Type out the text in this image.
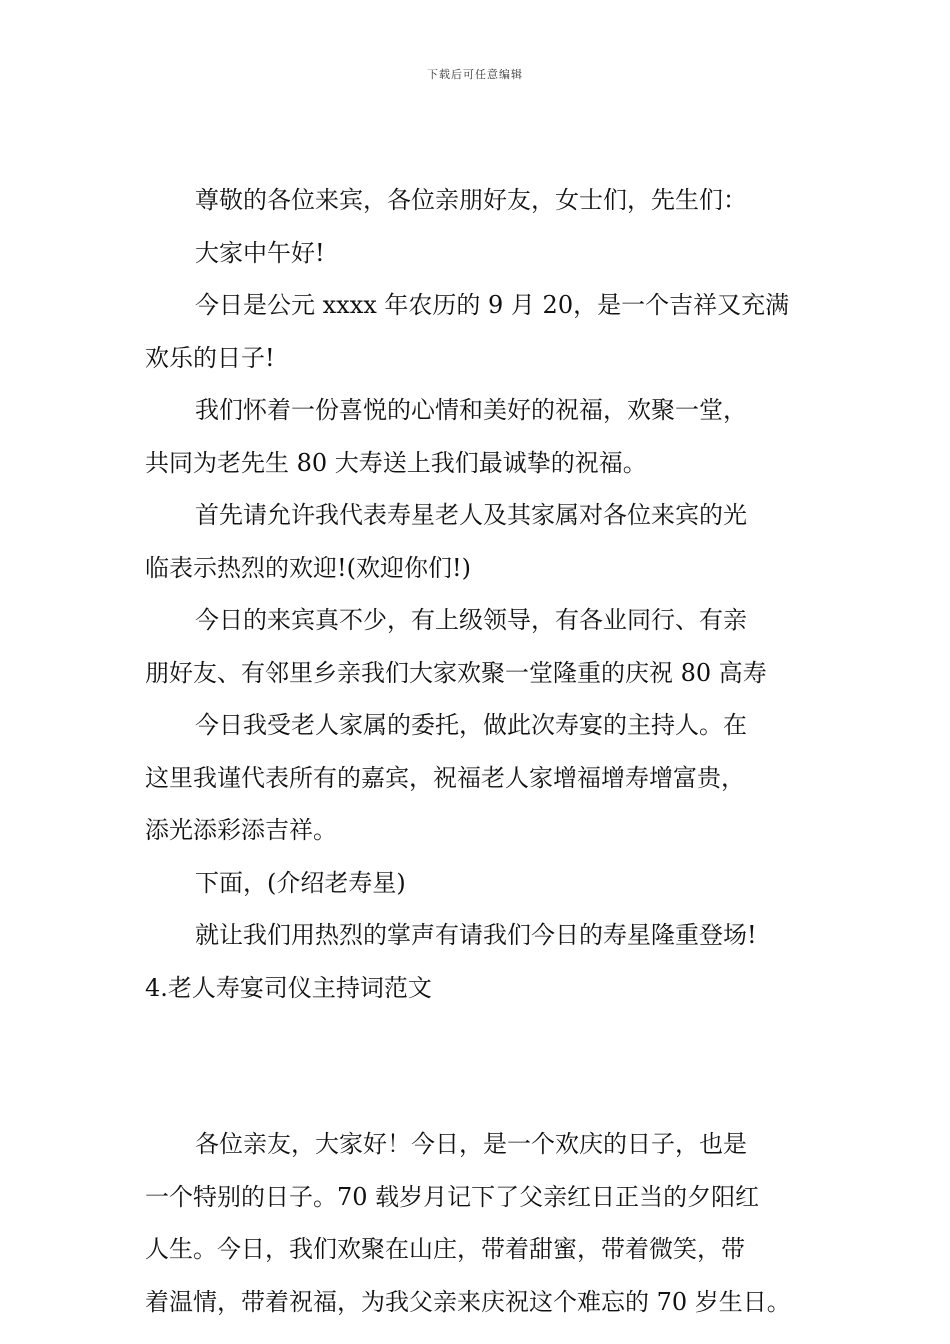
下载后可任意编辑
尊敬的各位来宾，各位亲朋好友，女士们，先生们：
大家中午好!
今日是公元 xxxx 年农历的 9 月 20，是一个吉祥又充满
欢乐的日子!
我们怀着一份喜悦的心情和美好的祝福，欢聚一堂，
共同为老先生 80 大寿送上我们最诚挚的祝福。
首先请允许我代表寿星老人及其家属对各位来宾的光
临表示热烈的欢迎!(欢迎你们!)
今日的来宾真不少，有上级领导，有各业同行、有亲
朋好友、有邻里乡亲我们大家欢聚一堂隆重的庆祝 80 高寿
今日我受老人家属的委托，做此次寿宴的主持人。在
这里我谨代表所有的嘉宾，祝福老人家增福增寿增富贵，
添光添彩添吉祥。
下面，(介绍老寿星)
就让我们用热烈的掌声有请我们今日的寿星隆重登场!
4.老人寿宴司仪主持词范文
各位亲友，大家好！今日，是一个欢庆的日子，也是
一个特别的日子。70 载岁月记下了父亲红日正当的夕阳红
人生。今日，我们欢聚在山庄，带着甜蜜，带着微笑，带
着温情，带着祝福，为我父亲来庆祝这个难忘的 70 岁生日。
